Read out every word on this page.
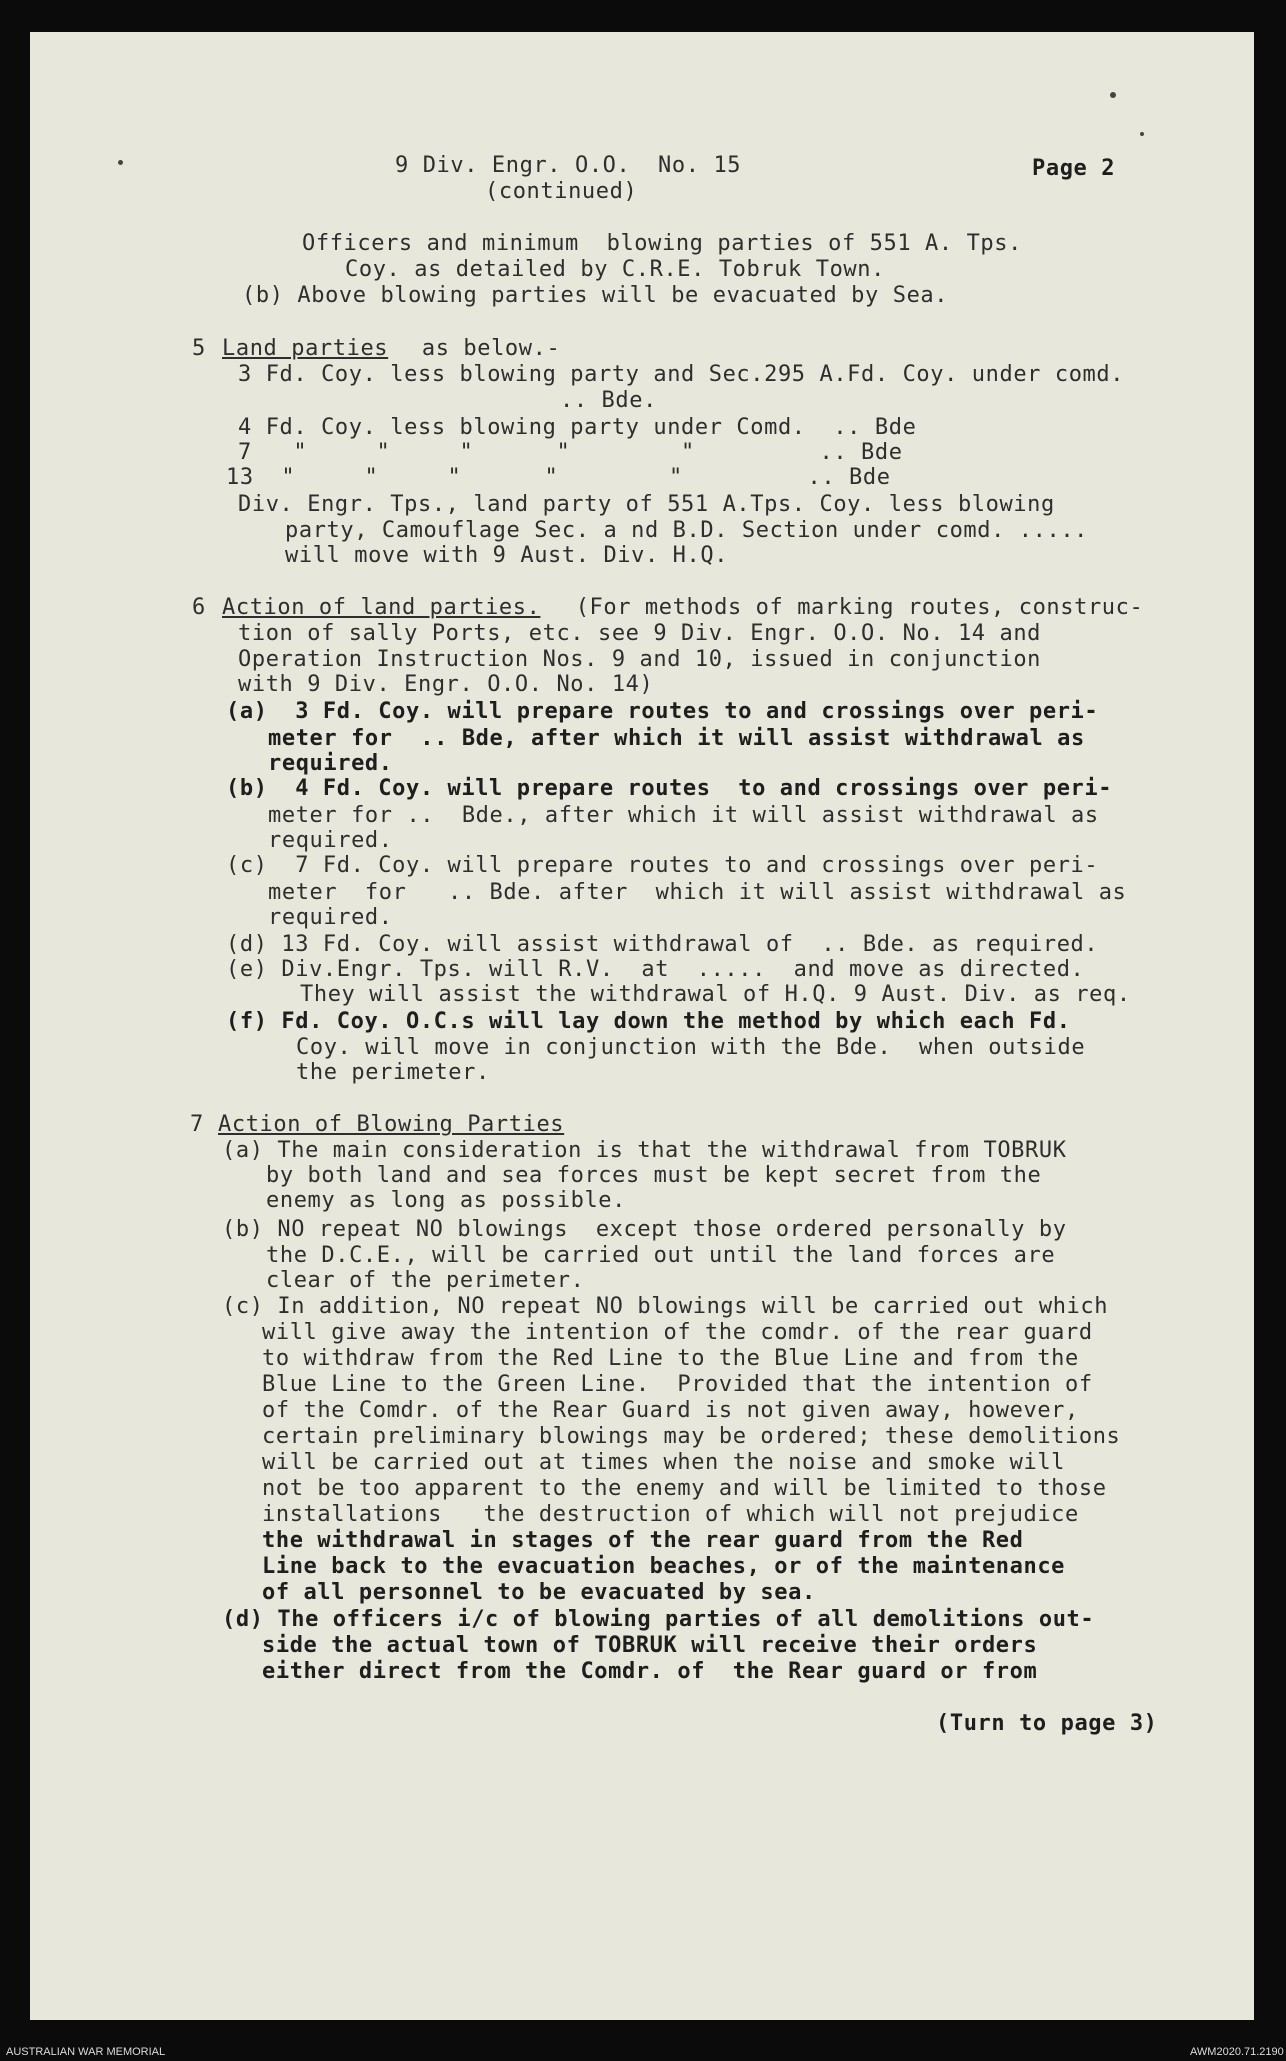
9 Div. Engr. O.O.  No. 15
(continued)
Page 2
Officers and minimum  blowing parties of 551 A. Tps.
Coy. as detailed by C.R.E. Tobruk Town.
(b) Above blowing parties will be evacuated by Sea.
5 Land parties as below.-
3 Fd. Coy. less blowing party and Sec.295 A.Fd. Coy. under comd.
.. Bde.
4 Fd. Coy. less blowing party under Comd.  .. Bde
7   "     "     "      "        "         .. Bde
13  "     "     "      "        "         .. Bde
Div. Engr. Tps., land party of 551 A.Tps. Coy. less blowing
party, Camouflage Sec. a nd B.D. Section under comd. .....
will move with 9 Aust. Div. H.Q.
6 Action of land parties. (For methods of marking routes, construc-
tion of sally Ports, etc. see 9 Div. Engr. O.O. No. 14 and
Operation Instruction Nos. 9 and 10, issued in conjunction
with 9 Div. Engr. O.O. No. 14)
(a)  3 Fd. Coy. will prepare routes to and crossings over peri-
meter for  .. Bde, after which it will assist withdrawal as
required.
(b)  4 Fd. Coy. will prepare routes  to and crossings over peri-
meter for ..  Bde., after which it will assist withdrawal as
required.
(c)  7 Fd. Coy. will prepare routes to and crossings over peri-
meter  for   .. Bde. after  which it will assist withdrawal as
required.
(d) 13 Fd. Coy. will assist withdrawal of  .. Bde. as required.
(e) Div.Engr. Tps. will R.V.  at  .....  and move as directed.
They will assist the withdrawal of H.Q. 9 Aust. Div. as req.
(f) Fd. Coy. O.C.s will lay down the method by which each Fd.
Coy. will move in conjunction with the Bde.  when outside
the perimeter.
7 Action of Blowing Parties
(a) The main consideration is that the withdrawal from TOBRUK
by both land and sea forces must be kept secret from the
enemy as long as possible.
(b) NO repeat NO blowings  except those ordered personally by
the D.C.E., will be carried out until the land forces are
clear of the perimeter.
(c) In addition, NO repeat NO blowings will be carried out which
will give away the intention of the comdr. of the rear guard
to withdraw from the Red Line to the Blue Line and from the
Blue Line to the Green Line.  Provided that the intention of
of the Comdr. of the Rear Guard is not given away, however,
certain preliminary blowings may be ordered; these demolitions
will be carried out at times when the noise and smoke will
not be too apparent to the enemy and will be limited to those
installations   the destruction of which will not prejudice
the withdrawal in stages of the rear guard from the Red
Line back to the evacuation beaches, or of the maintenance
of all personnel to be evacuated by sea.
(d) The officers i/c of blowing parties of all demolitions out-
side the actual town of TOBRUK will receive their orders
either direct from the Comdr. of  the Rear guard or from
(Turn to page 3)
AUSTRALIAN WAR MEMORIAL	AWM2020.71.2190
